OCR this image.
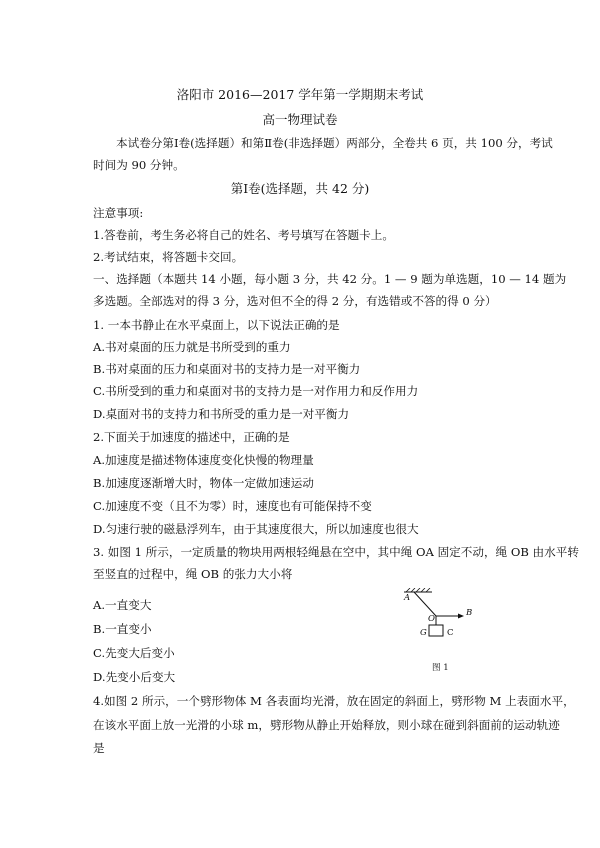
洛阳市 2016—2017 学年第一学期期末考试
高一物理试卷
本试卷分第Ⅰ卷(选择题）和第Ⅱ卷(非选择题）两部分，全卷共 6 页，共 100 分，考试
时间为 90 分钟。
第Ⅰ卷(选择题，共 42 分)
注意事项:
1.答卷前，考生务必将自己的姓名、考号填写在答题卡上。
2.考试结束，将答题卡交回。
一、选择题（本题共 14 小题，每小题 3 分，共 42 分。1 — 9 题为单选题，10 — 14 题为
多选题。全部选对的得 3 分，选对但不全的得 2 分，有选错或不答的得 0 分）
1. 一本书静止在水平桌面上，以下说法正确的是
A.书对桌面的压力就是书所受到的重力
B.书对桌面的压力和桌面对书的支持力是一对平衡力
C.书所受到的重力和桌面对书的支持力是一对作用力和反作用力
D.桌面对书的支持力和书所受的重力是一对平衡力
2.下面关于加速度的描述中，正确的是
A.加速度是描述物体速度变化快慢的物理量
B.加速度逐渐增大时，物体一定做加速运动
C.加速度不变（且不为零）时，速度也有可能保持不变
D.匀速行驶的磁悬浮列车，由于其速度很大，所以加速度也很大
3. 如图 1 所示，一定质量的物块用两根轻绳悬在空中，其中绳 OA 固定不动，绳 OB 由水平转
至竖直的过程中，绳 OB 的张力大小将
A.一直变大
B.一直变小
C.先变大后变小
D.先变小后变大
4.如图 2 所示，一个劈形物体 M 各表面均光滑，放在固定的斜面上，劈形物 M 上表面水平，
在该水平面上放一光滑的小球 m，劈形物从静止开始释放，则小球在碰到斜面前的运动轨迹
是
A
B
O
G C
图 1
